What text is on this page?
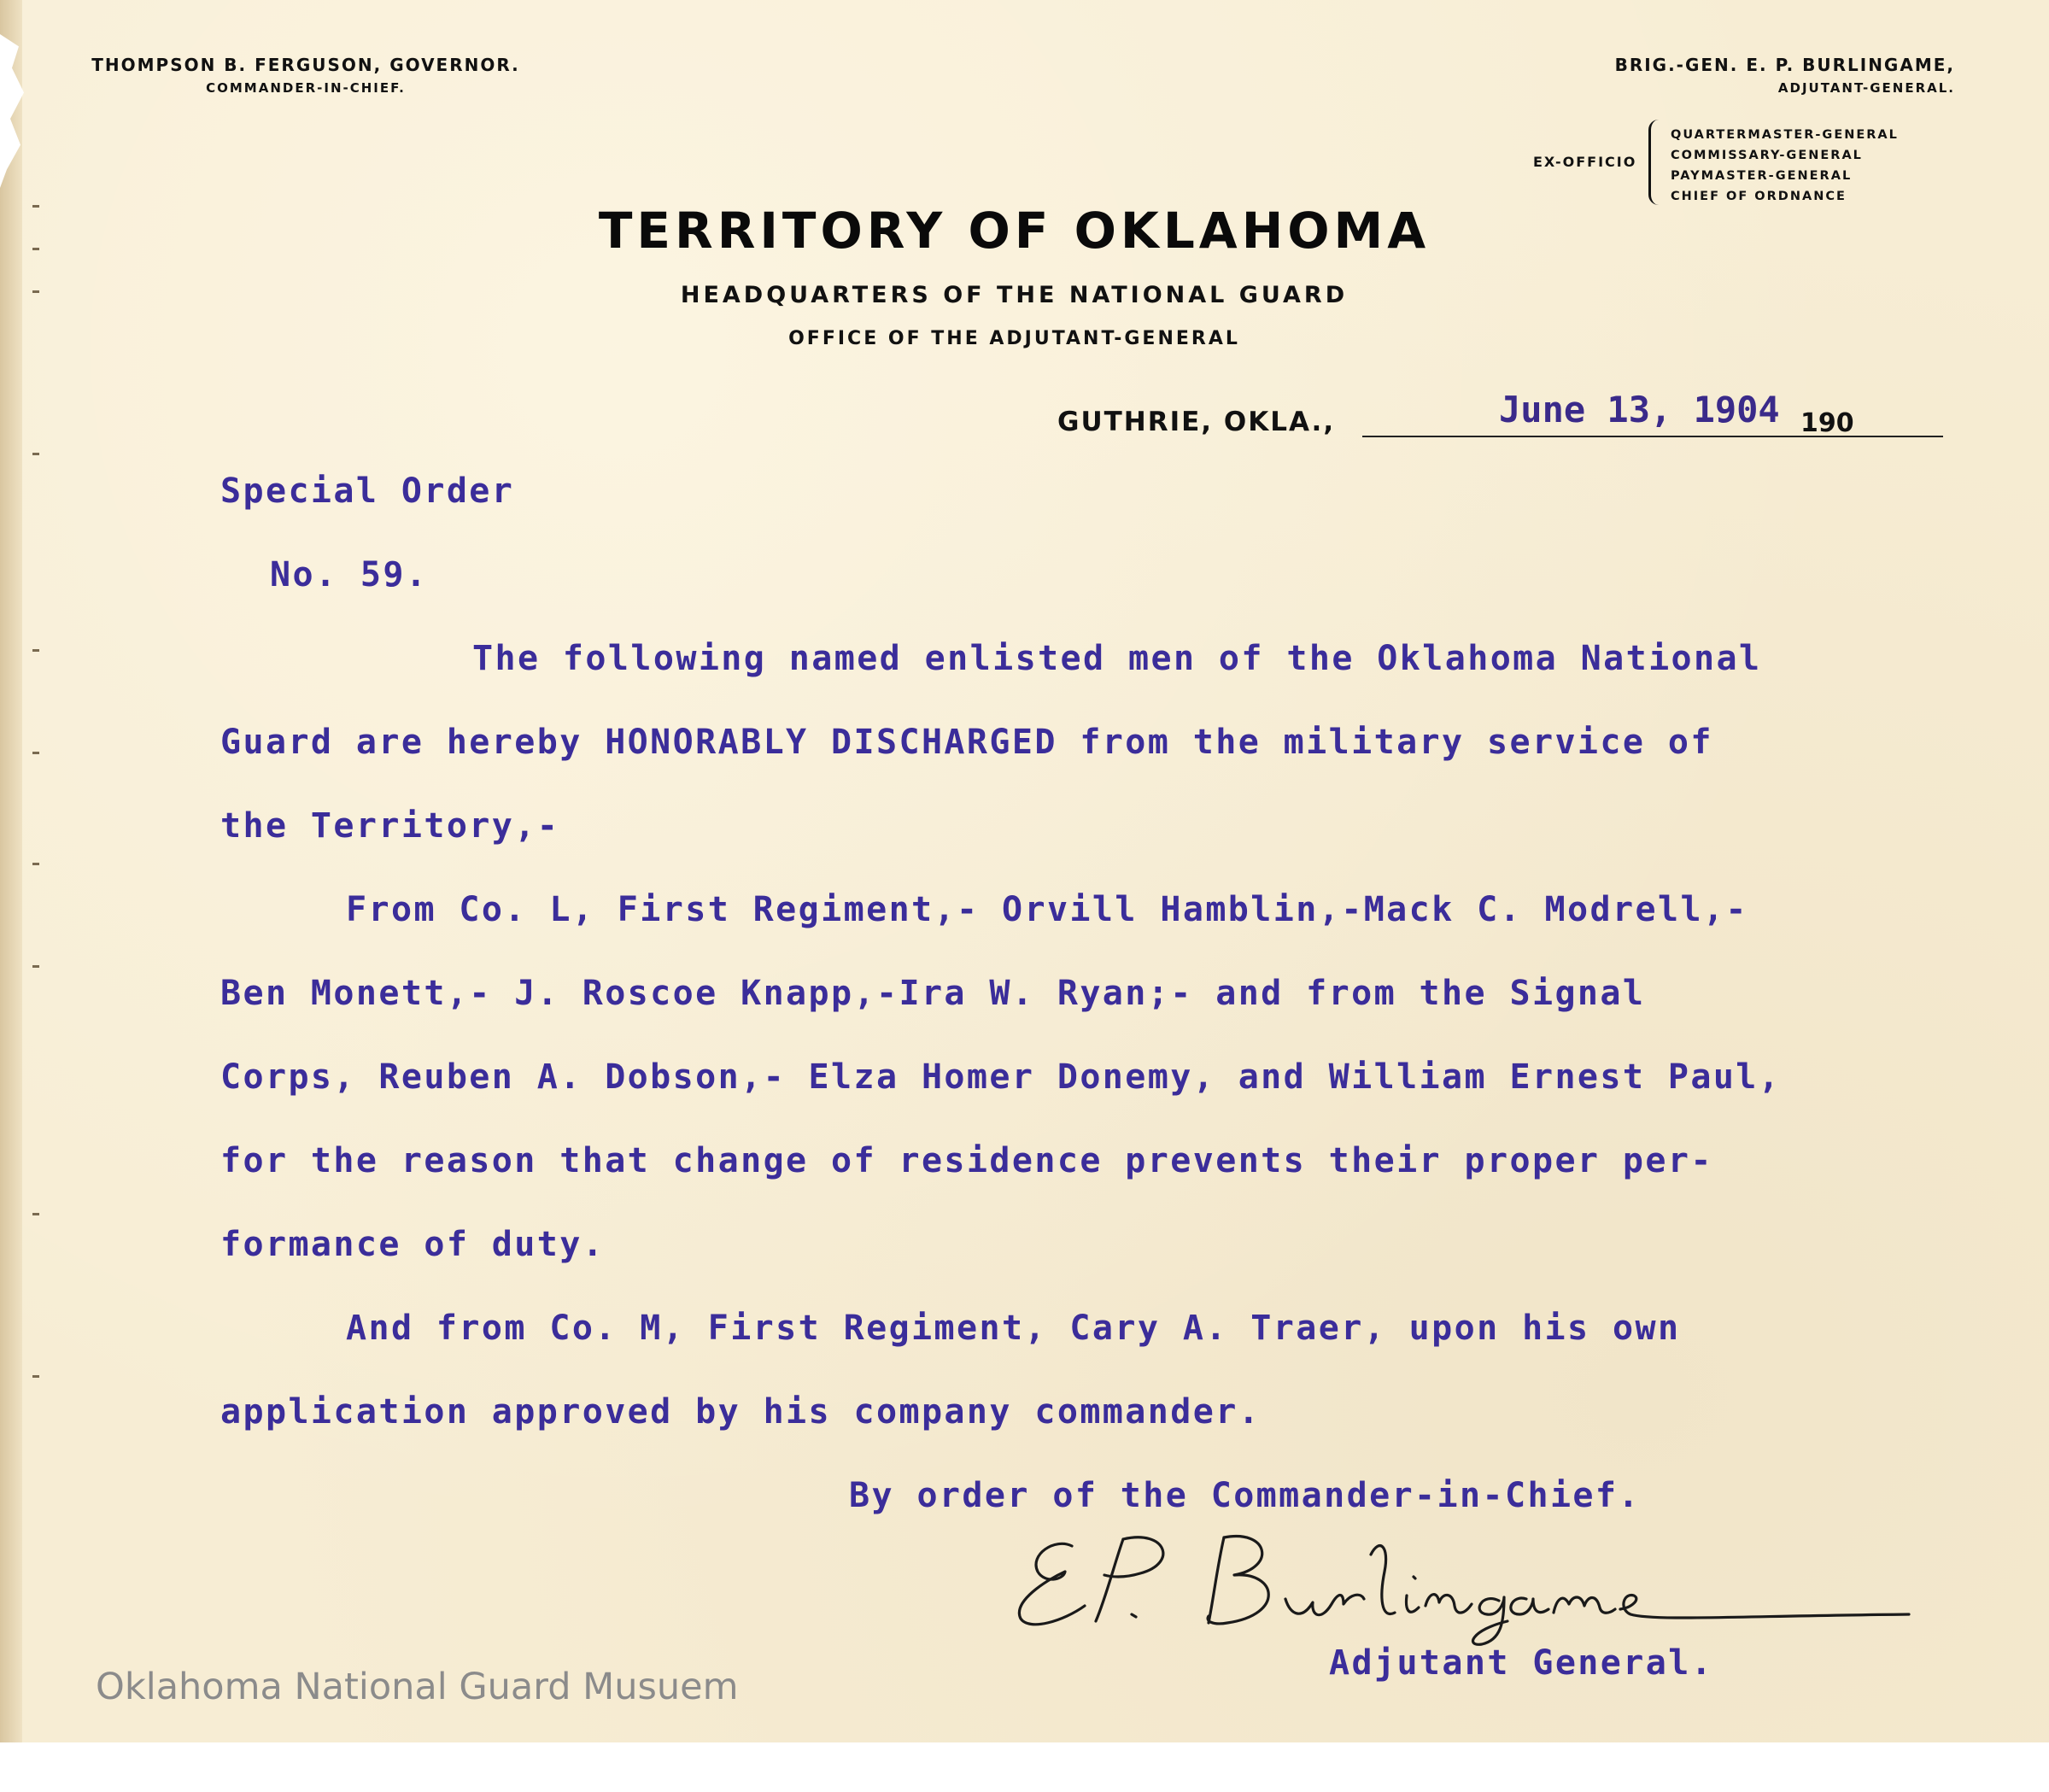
THOMPSON B. FERGUSON, GOVERNOR.
COMMANDER-IN-CHIEF.
BRIG.-GEN. E. P. BURLINGAME,
ADJUTANT-GENERAL.
EX-OFFICIO
QUARTERMASTER-GENERAL
COMMISSARY-GENERAL
PAYMASTER-GENERAL
CHIEF OF ORDNANCE
TERRITORY OF OKLAHOMA
HEADQUARTERS OF THE NATIONAL GUARD
OFFICE OF THE ADJUTANT-GENERAL
GUTHRIE, OKLA.,	June 13, 1904 190
Special Order
No. 59.
The following named enlisted men of the Oklahoma National
Guard are hereby HONORABLY DISCHARGED from the military service of
the Territory,-
From Co. L, First Regiment,- Orvill Hamblin,-Mack C. Modrell,-
Ben Monett,- J. Roscoe Knapp,-Ira W. Ryan;- and from the Signal
Corps, Reuben A. Dobson,- Elza Homer Donemy, and William Ernest Paul,
for the reason that change of residence prevents their proper per-
formance of duty.
And from Co. M, First Regiment, Cary A. Traer, upon his own
application approved by his company commander.
By order of the Commander-in-Chief.
Adjutant General.
Oklahoma National Guard Musuem
